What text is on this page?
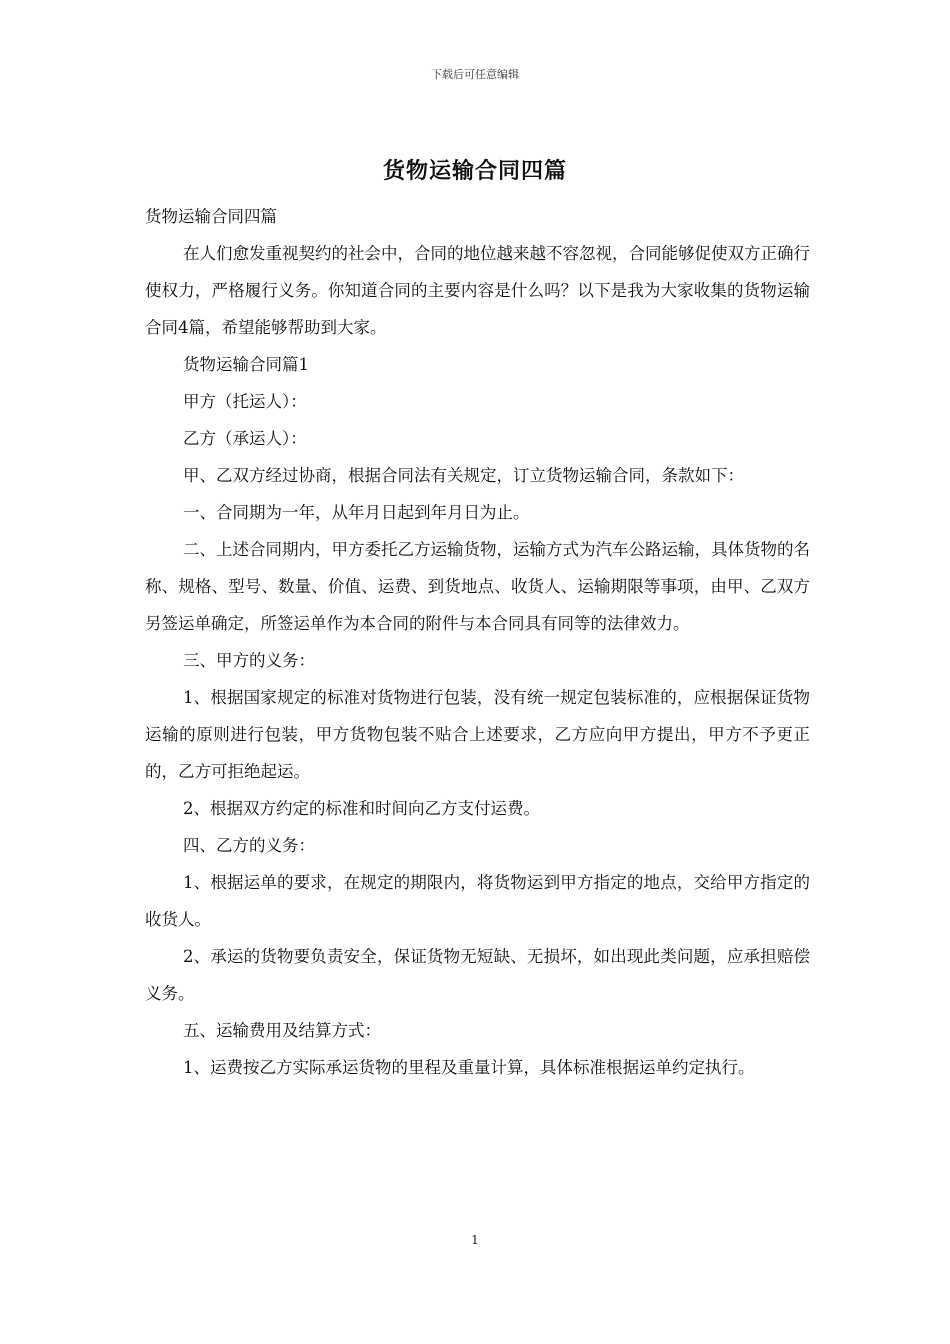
下载后可任意编辑
货物运输合同四篇

货物运输合同四篇

在人们愈发重视契约的社会中，合同的地位越来越不容忽视，合同能够促使双方正确行使权力，严格履行义务。你知道合同的主要内容是什么吗？以下是我为大家收集的货物运输合同4篇，希望能够帮助到大家。

货物运输合同篇1

甲方（托运人）：

乙方（承运人）：

甲、乙双方经过协商，根据合同法有关规定，订立货物运输合同，条款如下：

一、合同期为一年，从年月日起到年月日为止。

二、上述合同期内，甲方委托乙方运输货物，运输方式为汽车公路运输，具体货物的名称、规格、型号、数量、价值、运费、到货地点、收货人、运输期限等事项，由甲、乙双方另签运单确定，所签运单作为本合同的附件与本合同具有同等的法律效力。

三、甲方的义务：

1、根据国家规定的标准对货物进行包装，没有统一规定包装标准的，应根据保证货物运输的原则进行包装，甲方货物包装不贴合上述要求，乙方应向甲方提出，甲方不予更正的，乙方可拒绝起运。

2、根据双方约定的标准和时间向乙方支付运费。

四、乙方的义务：

1、根据运单的要求，在规定的期限内，将货物运到甲方指定的地点，交给甲方指定的收货人。

2、承运的货物要负责安全，保证货物无短缺、无损坏，如出现此类问题，应承担赔偿义务。

五、运输费用及结算方式：

1、运费按乙方实际承运货物的里程及重量计算，具体标准根据运单约定执行。

1
